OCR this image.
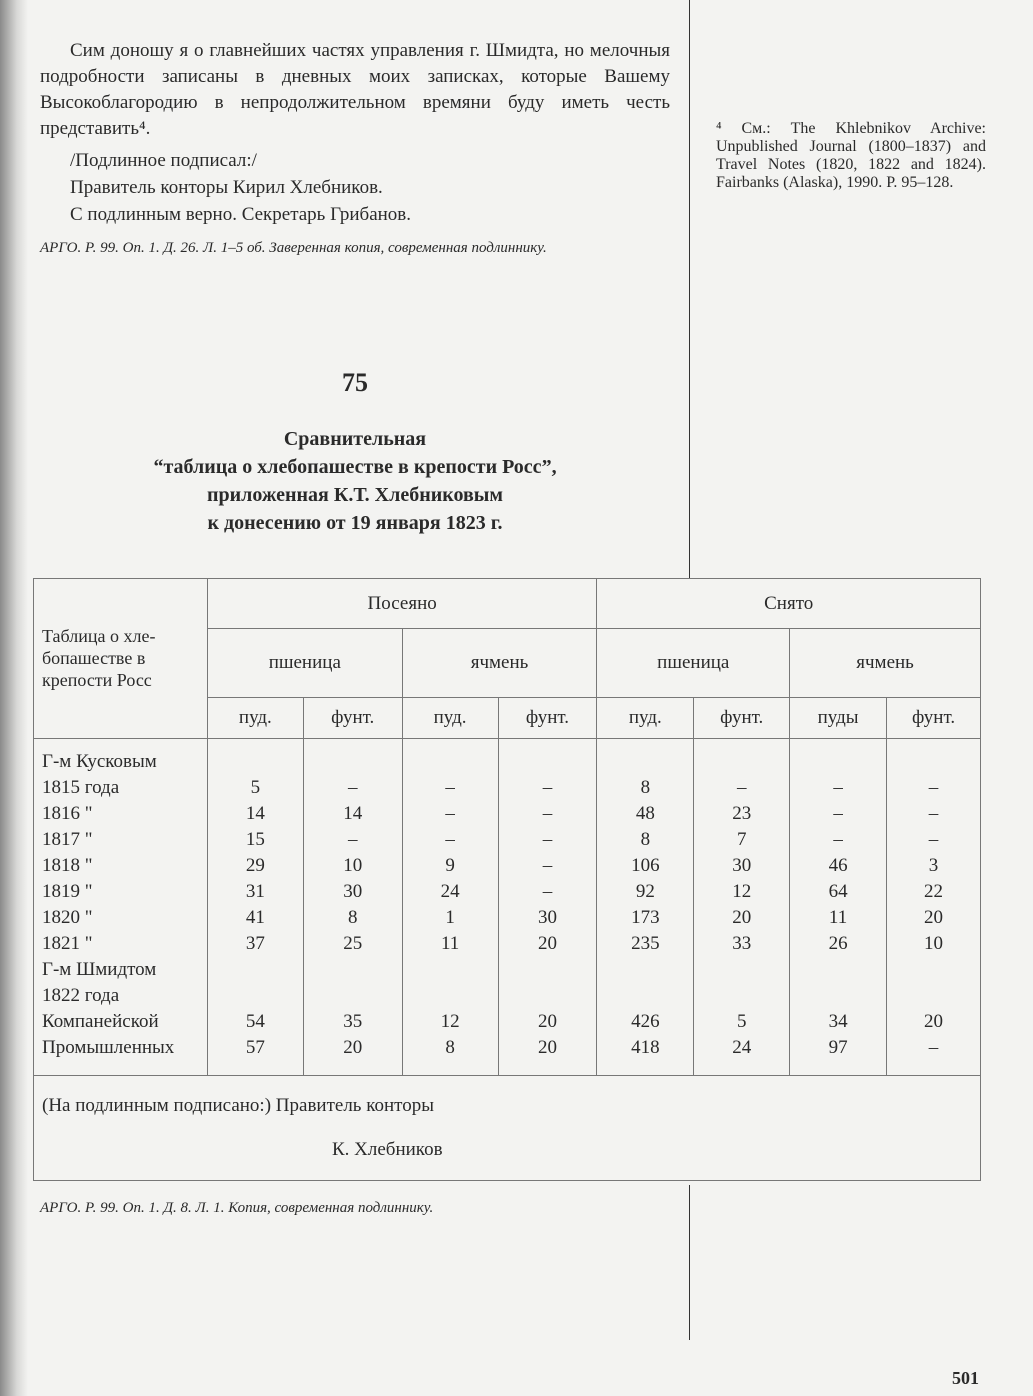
Сим доношу я о главнейших частях управления г. Шмидта, но мелочныя подробности записаны в дневных моих записках, которые Вашему Высокоблагородию в непродолжительном времяни буду иметь честь представить⁴.
/Подлинное подписал:/
Правитель конторы Кирил Хлебников.
С подлинным верно. Секретарь Грибанов.
АРГО. Р. 99. Оп. 1. Д. 26. Л. 1–5 об. Заверенная копия, современная подлиннику.
⁴ См.: The Khlebnikov Archive: Unpublished Journal (1800–1837) and Travel Notes (1820, 1822 and 1824). Fairbanks (Alaska), 1990. P. 95–128.
75
Сравнительная
“таблица о хлебопашестве в крепости Росс”,
приложенная К.Т. Хлебниковым
к донесению от 19 января 1823 г.
Таблица о хле-бопашестве в крепости Росс	Посеяно				Снято			
	пшеница		ячмень		пшеница		ячмень	
	пуд.	фунт.	пуд.	фунт.	пуд.	фунт.	пуды	фунт.
Г-м Кусковым								
1815 года	5	–	–	–	8	–	–	–
1816 "	14	14	–	–	48	23	–	–
1817 "	15	–	–	–	8	7	–	–
1818 "	29	10	9	–	106	30	46	3
1819 "	31	30	24	–	92	12	64	22
1820 "	41	8	1	30	173	20	11	20
1821 "	37	25	11	20	235	33	26	10
Г-м Шмидтом								
1822 года								
Компанейской	54	35	12	20	426	5	34	20
Промышленных	57	20	8	20	418	24	97	–

(На подлинным подписано:) Правитель конторы
К. Хлебников								
АРГО. Р. 99. Оп. 1. Д. 8. Л. 1. Копия, современная подлиннику.
501
